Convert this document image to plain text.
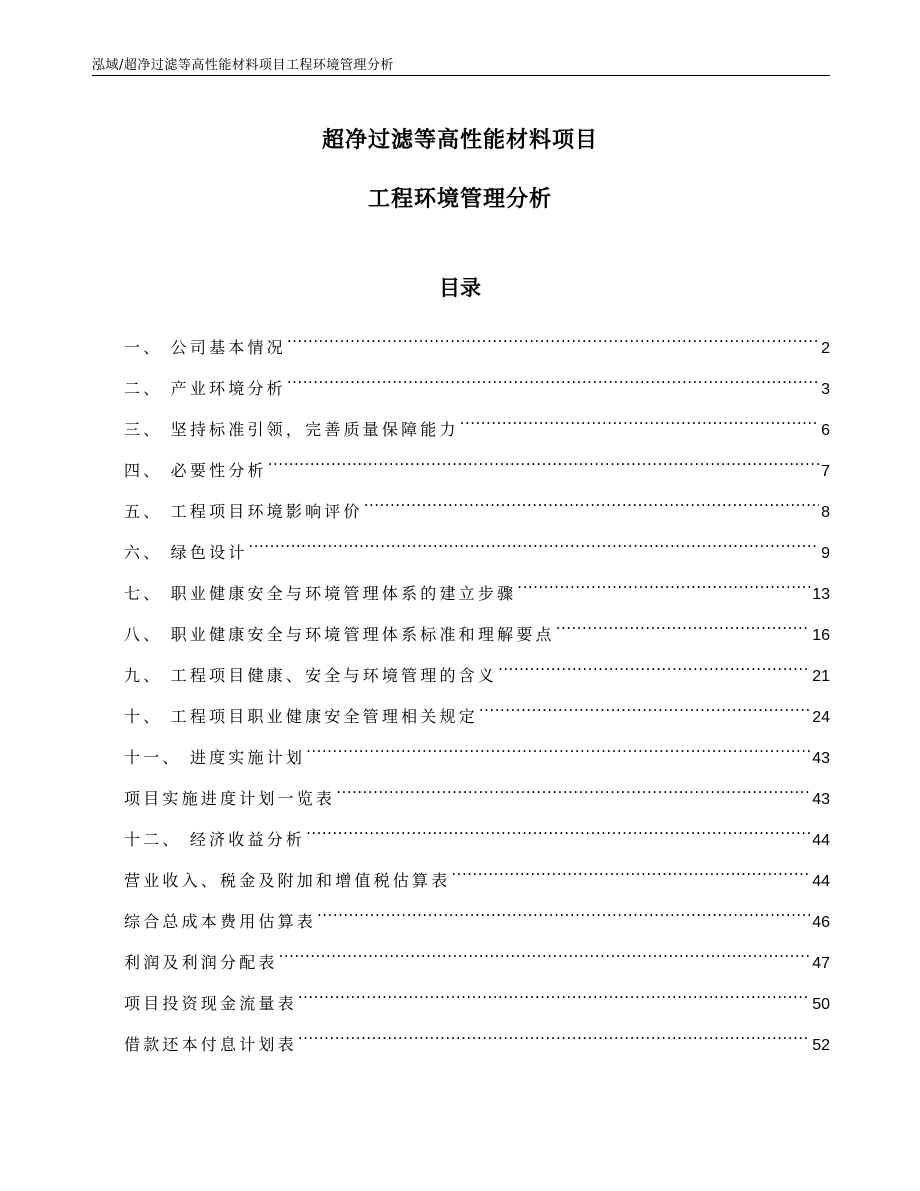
泓域/超净过滤等高性能材料项目工程环境管理分析
超净过滤等高性能材料项目
工程环境管理分析
目录
一、 公司基本情况 .....	2
二、 产业环境分析 .....	3
三、 坚持标准引领，完善质量保障能力 .....	6
四、 必要性分析 .....	7
五、 工程项目环境影响评价 .....	8
六、 绿色设计 .....	9
七、 职业健康安全与环境管理体系的建立步骤 .....	13
八、 职业健康安全与环境管理体系标准和理解要点 .....	16
九、 工程项目健康、安全与环境管理的含义 .....	21
十、 工程项目职业健康安全管理相关规定 .....	24
十一、 进度实施计划 .....	43
项目实施进度计划一览表 .....	43
十二、 经济收益分析 .....	44
营业收入、税金及附加和增值税估算表 .....	44
综合总成本费用估算表 .....	46
利润及利润分配表 .....	47
项目投资现金流量表 .....	50
借款还本付息计划表 .....	52
